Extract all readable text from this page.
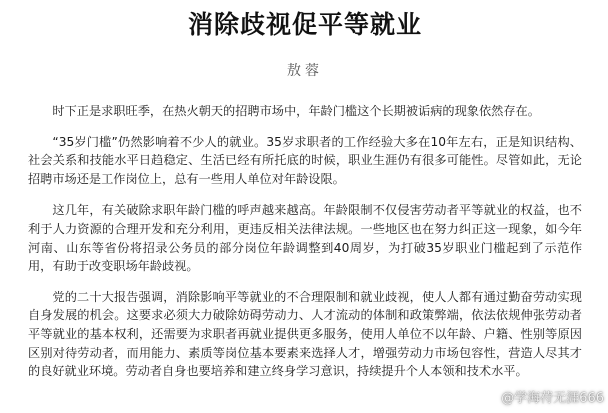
消除歧视促平等就业
敖蓉

时下正是求职旺季，在热火朝天的招聘市场中，年龄门槛这个长期被诟病的现象依然存在。

“35岁门槛”仍然影响着不少人的就业。35岁求职者的工作经验大多在10年左右，正是知识结构、社会关系和技能水平日趋稳定、生活已经有所托底的时候，职业生涯仍有很多可能性。尽管如此，无论招聘市场还是工作岗位上，总有一些用人单位对年龄设限。

这几年，有关破除求职年龄门槛的呼声越来越高。年龄限制不仅侵害劳动者平等就业的权益，也不利于人力资源的合理开发和充分利用，更违反相关法律法规。一些地区也在努力纠正这一现象，如今年河南、山东等省份将招录公务员的部分岗位年龄调整到40周岁，为打破35岁职业门槛起到了示范作用，有助于改变职场年龄歧视。

党的二十大报告强调，消除影响平等就业的不合理限制和就业歧视，使人人都有通过勤奋劳动实现自身发展的机会。这要求必须大力破除妨碍劳动力、人才流动的体制和政策弊端，依法依规伸张劳动者平等就业的基本权利，还需要为求职者再就业提供更多服务，使用人单位不以年龄、户籍、性别等原因区别对待劳动者，而用能力、素质等岗位基本要素来选择人才，增强劳动力市场包容性，营造人尽其才的良好就业环境。劳动者自身也要培养和建立终身学习意识，持续提升个人本领和技术水平。

@学海苻无涯666
